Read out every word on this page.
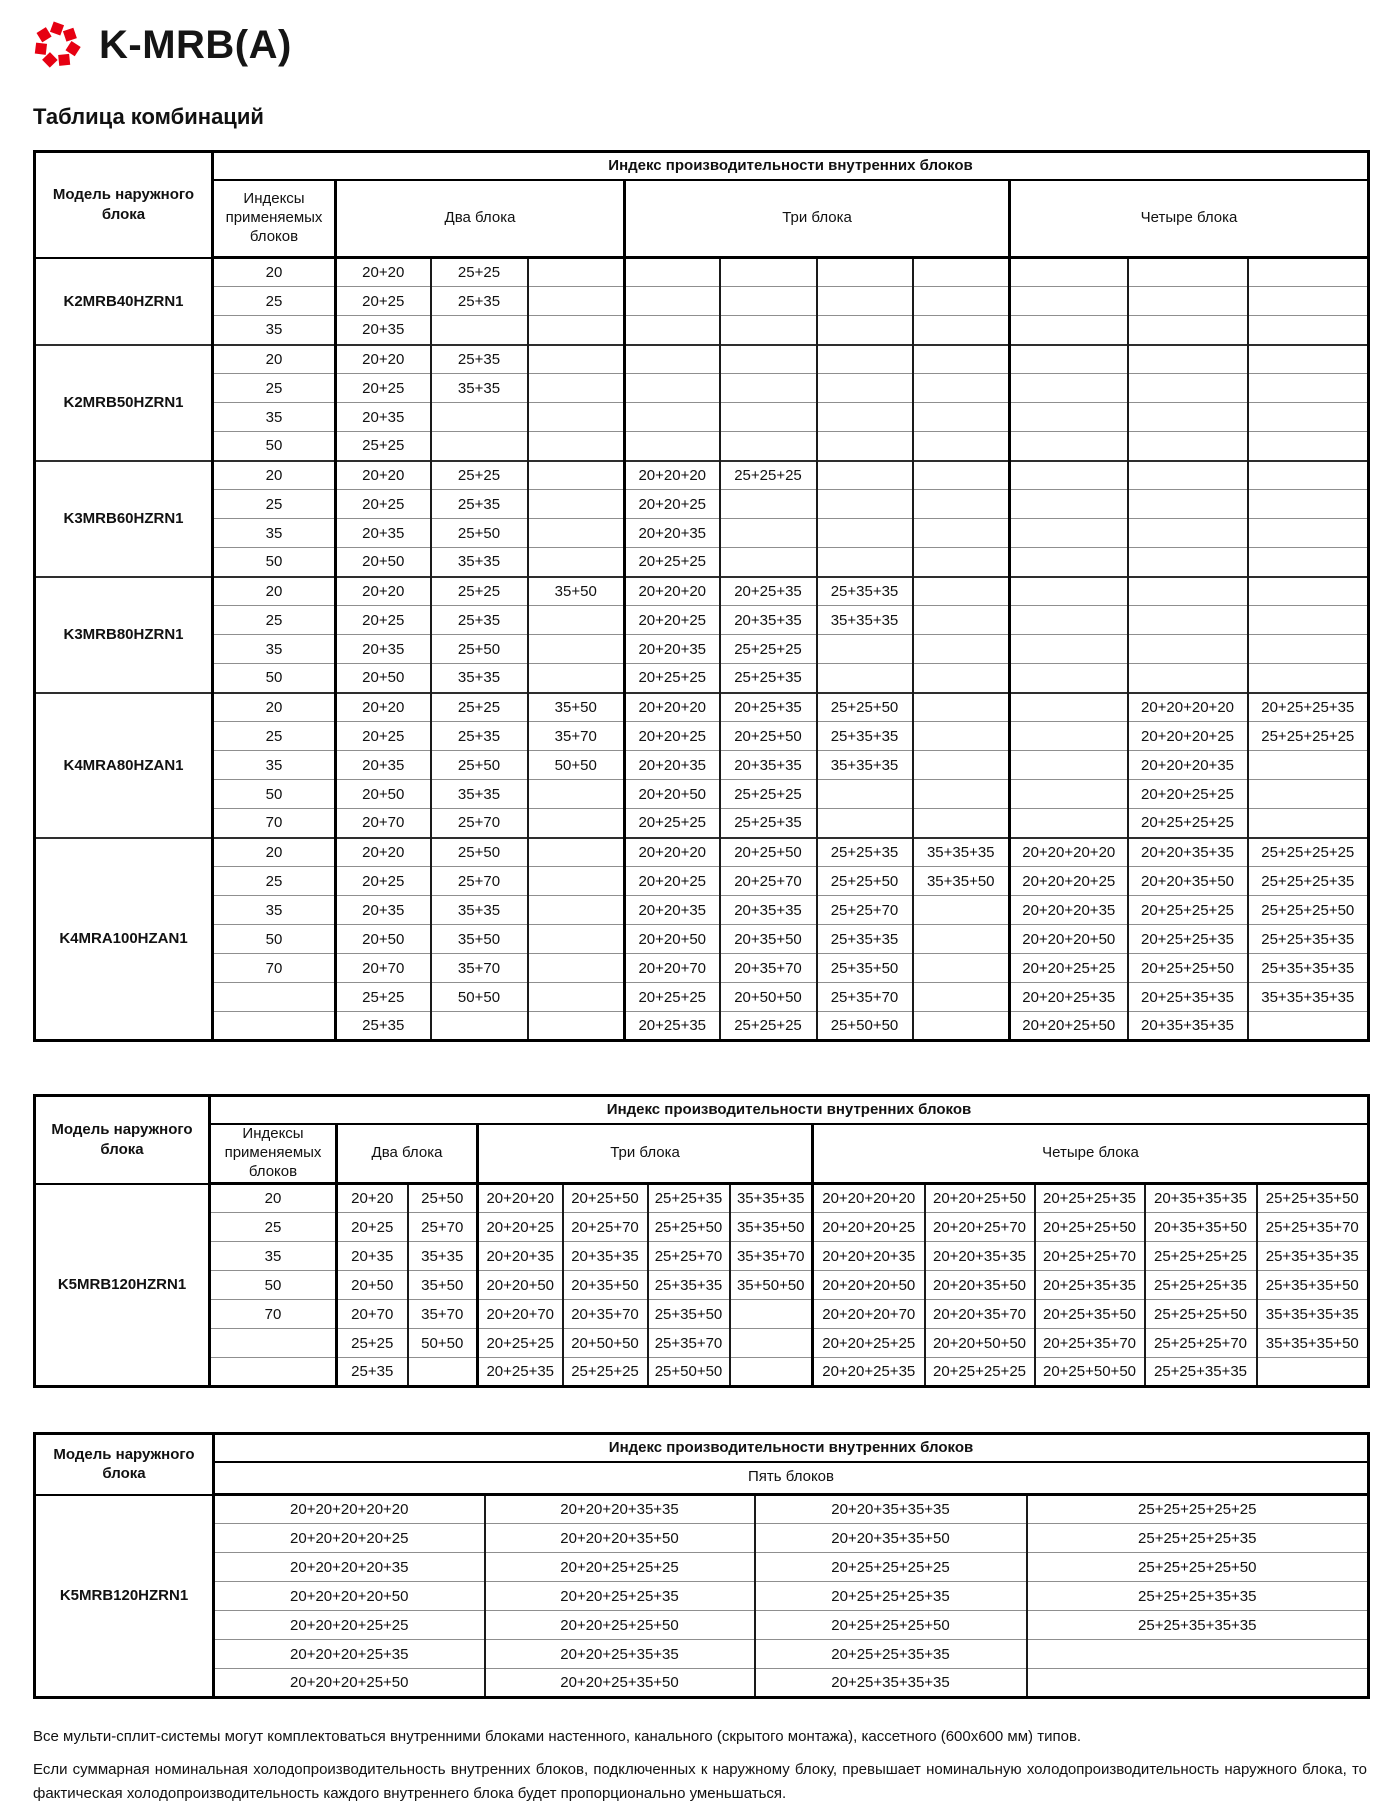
K-MRB(A)
Таблица комбинаций
Модель наружного блока	Индекс производительности внутренних блоков										
	Индексы применяемых блоков	Два блока			Три блока				Четыре блока		
K2MRB40HZRN1	20	20+20	25+25								
	25	20+25	25+35								
	35	20+35									
K2MRB50HZRN1	20	20+20	25+35								
	25	20+25	35+35								
	35	20+35									
	50	25+25									
K3MRB60HZRN1	20	20+20	25+25		20+20+20	25+25+25					
	25	20+25	25+35		20+20+25						
	35	20+35	25+50		20+20+35						
	50	20+50	35+35		20+25+25						
K3MRB80HZRN1	20	20+20	25+25	35+50	20+20+20	20+25+35	25+35+35				
	25	20+25	25+35		20+20+25	20+35+35	35+35+35				
	35	20+35	25+50		20+20+35	25+25+25					
	50	20+50	35+35		20+25+25	25+25+35					
K4MRA80HZAN1	20	20+20	25+25	35+50	20+20+20	20+25+35	25+25+50			20+20+20+20	20+25+25+35
	25	20+25	25+35	35+70	20+20+25	20+25+50	25+35+35			20+20+20+25	25+25+25+25
	35	20+35	25+50	50+50	20+20+35	20+35+35	35+35+35			20+20+20+35	
	50	20+50	35+35		20+20+50	25+25+25				20+20+25+25	
	70	20+70	25+70		20+25+25	25+25+35				20+25+25+25	
K4MRA100HZAN1	20	20+20	25+50		20+20+20	20+25+50	25+25+35	35+35+35	20+20+20+20	20+20+35+35	25+25+25+25
	25	20+25	25+70		20+20+25	20+25+70	25+25+50	35+35+50	20+20+20+25	20+20+35+50	25+25+25+35
	35	20+35	35+35		20+20+35	20+35+35	25+25+70		20+20+20+35	20+25+25+25	25+25+25+50
	50	20+50	35+50		20+20+50	20+35+50	25+35+35		20+20+20+50	20+25+25+35	25+25+35+35
	70	20+70	35+70		20+20+70	20+35+70	25+35+50		20+20+25+25	20+25+25+50	25+35+35+35
		25+25	50+50		20+25+25	20+50+50	25+35+70		20+20+25+35	20+25+35+35	35+35+35+35
		25+35			20+25+35	25+25+25	25+50+50		20+20+25+50	20+35+35+35	
Модель наружного блока	Индекс производительности внутренних блоков											
	Индексы применяемых блоков	Два блока		Три блока				Четыре блока				
K5MRB120HZRN1	20	20+20	25+50	20+20+20	20+25+50	25+25+35	35+35+35	20+20+20+20	20+20+25+50	20+25+25+35	20+35+35+35	25+25+35+50
	25	20+25	25+70	20+20+25	20+25+70	25+25+50	35+35+50	20+20+20+25	20+20+25+70	20+25+25+50	20+35+35+50	25+25+35+70
	35	20+35	35+35	20+20+35	20+35+35	25+25+70	35+35+70	20+20+20+35	20+20+35+35	20+25+25+70	25+25+25+25	25+35+35+35
	50	20+50	35+50	20+20+50	20+35+50	25+35+35	35+50+50	20+20+20+50	20+20+35+50	20+25+35+35	25+25+25+35	25+35+35+50
	70	20+70	35+70	20+20+70	20+35+70	25+35+50		20+20+20+70	20+20+35+70	20+25+35+50	25+25+25+50	35+35+35+35
		25+25	50+50	20+25+25	20+50+50	25+35+70		20+20+25+25	20+20+50+50	20+25+35+70	25+25+25+70	35+35+35+50
		25+35		20+25+35	25+25+25	25+50+50		20+20+25+35	20+25+25+25	20+25+50+50	25+25+35+35	
Модель наружного блока	Индекс производительности внутренних блоков			
	Пять блоков			
K5MRB120HZRN1	20+20+20+20+20	20+20+20+35+35	20+20+35+35+35	25+25+25+25+25
	20+20+20+20+25	20+20+20+35+50	20+20+35+35+50	25+25+25+25+35
	20+20+20+20+35	20+20+25+25+25	20+25+25+25+25	25+25+25+25+50
	20+20+20+20+50	20+20+25+25+35	20+25+25+25+35	25+25+25+35+35
	20+20+20+25+25	20+20+25+25+50	20+25+25+25+50	25+25+35+35+35
	20+20+20+25+35	20+20+25+35+35	20+25+25+35+35	
	20+20+20+25+50	20+20+25+35+50	20+25+35+35+35	

Все мульти-сплит-системы могут комплектоваться внутренними блоками настенного, канального (скрытого монтажа), кассетного (600х600 мм) типов.

Если суммарная номинальная холодопроизводительность внутренних блоков, подключенных к наружному блоку, превышает номинальную холодопроизводительность наружного блока, то фактическая холодопроизводительность каждого внутреннего блока будет пропорционально уменьшаться.
